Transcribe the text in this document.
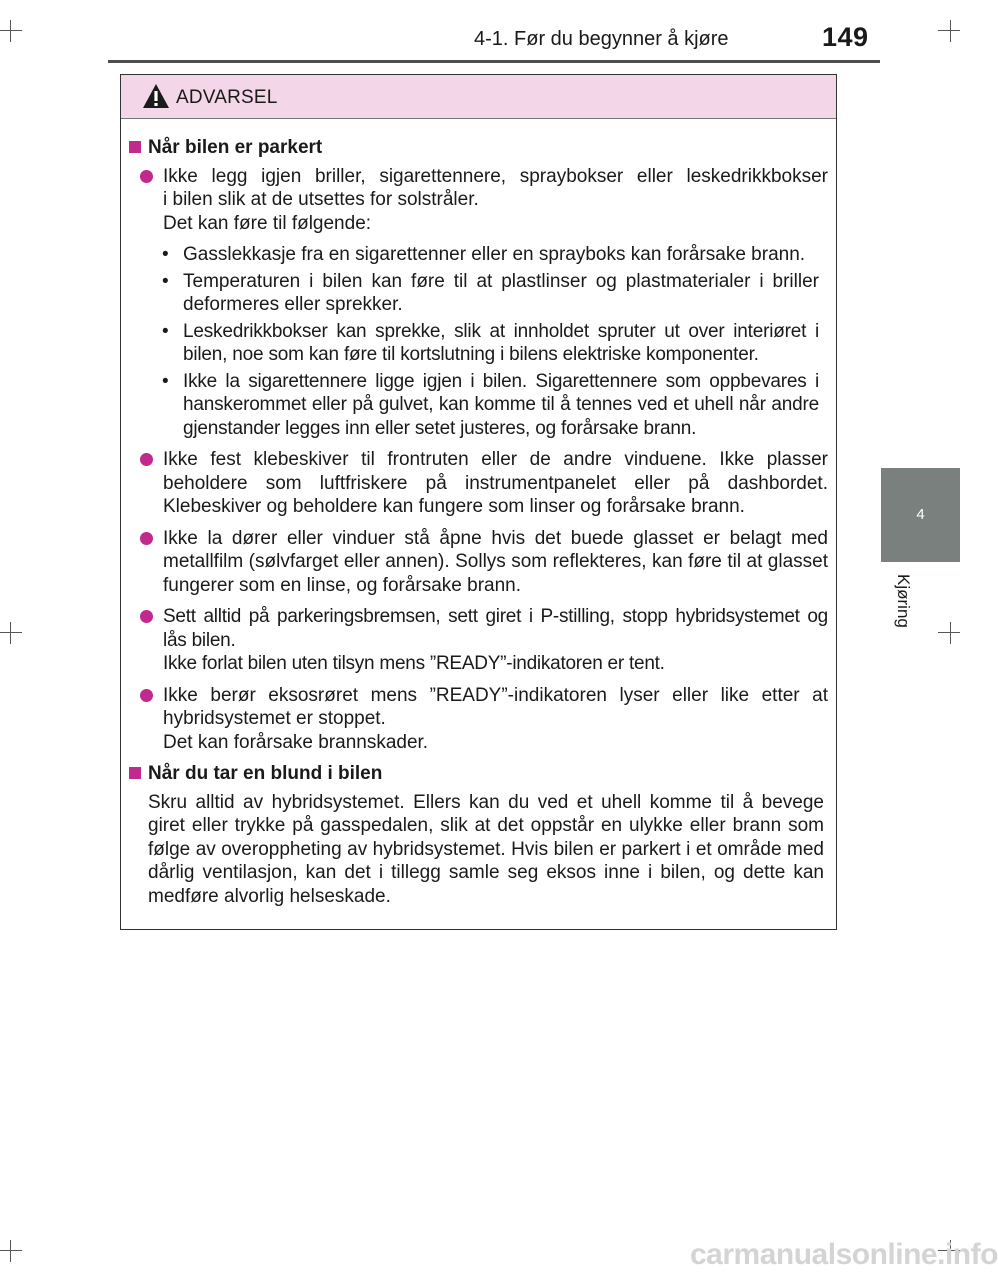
4-1. Før du begynner å kjøre	149
4
Kjøring
ADVARSEL
Når bilen er parkert
Ikke legg igjen briller, sigarettennere, spraybokser eller leskedrikkbokser
i bilen slik at de utsettes for solstråler.
Det kan føre til følgende:
• Gasslekkasje fra en sigarettenner eller en sprayboks kan forårsake brann.
• Temperaturen i bilen kan føre til at plastlinser og plastmaterialer i briller deformeres eller sprekker.
• Leskedrikkbokser kan sprekke, slik at innholdet spruter ut over interiøret i bilen, noe som kan føre til kortslutning i bilens elektriske komponenter.
• Ikke la sigarettennere ligge igjen i bilen. Sigarettennere som oppbevares i hanskerommet eller på gulvet, kan komme til å tennes ved et uhell når andre gjenstander legges inn eller setet justeres, og forårsake brann.
Ikke fest klebeskiver til frontruten eller de andre vinduene. Ikke plasser beholdere som luftfriskere på instrumentpanelet eller på dashbordet. Klebeskiver og beholdere kan fungere som linser og forårsake brann.
Ikke la dører eller vinduer stå åpne hvis det buede glasset er belagt med metallfilm (sølvfarget eller annen). Sollys som reflekteres, kan føre til at glasset fungerer som en linse, og forårsake brann.
Sett alltid på parkeringsbremsen, sett giret i P-stilling, stopp hybridsystemet og lås bilen.
Ikke forlat bilen uten tilsyn mens ”READY”-indikatoren er tent.
Ikke berør eksosrøret mens ”READY”-indikatoren lyser eller like etter at hybridsystemet er stoppet.
Det kan forårsake brannskader.
Når du tar en blund i bilen
Skru alltid av hybridsystemet. Ellers kan du ved et uhell komme til å bevege giret eller trykke på gasspedalen, slik at det oppstår en ulykke eller brann som følge av overoppheting av hybridsystemet. Hvis bilen er parkert i et område med dårlig ventilasjon, kan det i tillegg samle seg eksos inne i bilen, og dette kan medføre alvorlig helseskade.
carmanualsonline.info
